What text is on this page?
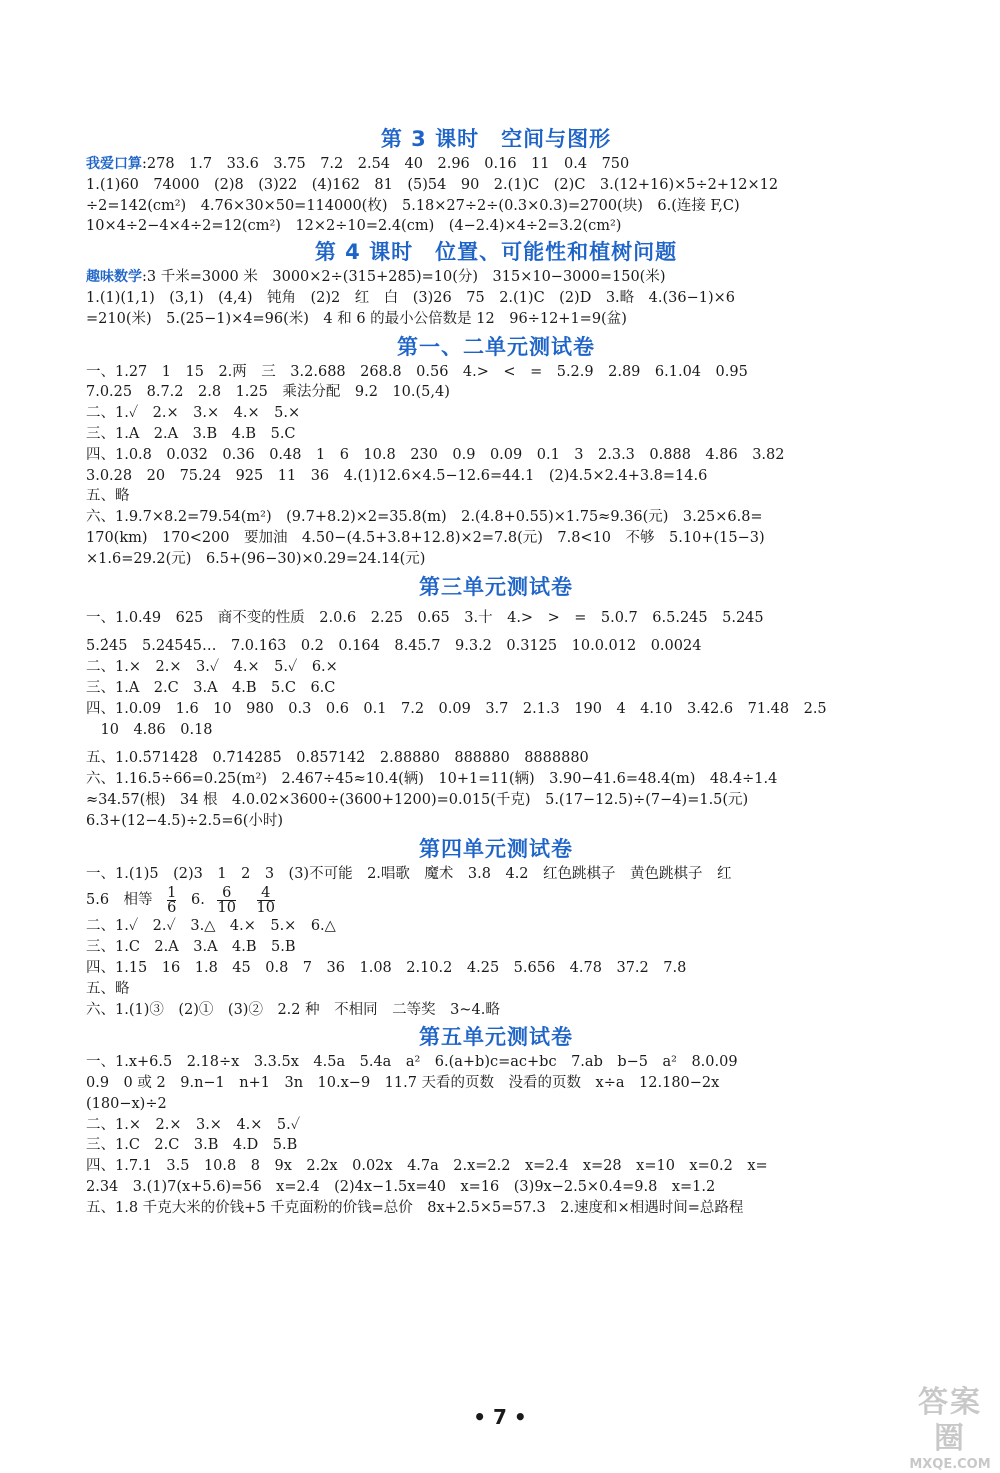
第 3 课时　空间与图形
我爱口算:278　1.7　33.6　3.75　7.2　2.54　40　2.96　0.16　11　0.4　750
1.(1)60　74000　(2)8　(3)22　(4)162　81　(5)54　90　2.(1)C　(2)C　3.(12+16)×5÷2+12×12
÷2=142(cm²)　4.76×30×50=114000(枚)　5.18×27÷2÷(0.3×0.3)=2700(块)　6.(连接 F,C)
10×4÷2−4×4÷2=12(cm²)　12×2÷10=2.4(cm)　(4−2.4)×4÷2=3.2(cm²)
第 4 课时　位置、可能性和植树问题
趣味数学:3 千米=3000 米　3000×2÷(315+285)=10(分)　315×10−3000=150(米)
1.(1)(1,1)　(3,1)　(4,4)　钝角　(2)2　红　白　(3)26　75　2.(1)C　(2)D　3.略　4.(36−1)×6
=210(米)　5.(25−1)×4=96(米)　4 和 6 的最小公倍数是 12　96÷12+1=9(盆)
第一、二单元测试卷
一、1.27　1　15　2.两　三　3.2.688　268.8　0.56　4.>　<　=　5.2.9　2.89　6.1.04　0.95
7.0.25　8.7.2　2.8　1.25　乘法分配　9.2　10.(5,4)
二、1.✓　2.×　3.×　4.×　5.×
三、1.A　2.A　3.B　4.B　5.C
四、1.0.8　0.032　0.36　0.48　1　6　10.8　230　0.9　0.09　0.1　3　2.3.3　0.888　4.86　3.82
3.0.28　20　75.24　925　11　36　4.(1)12.6×4.5−12.6=44.1　(2)4.5×2.4+3.8=14.6
五、略
六、1.9.7×8.2=79.54(m²)　(9.7+8.2)×2=35.8(m)　2.(4.8+0.55)×1.75≈9.36(元)　3.25×6.8=
170(km)　170<200　要加油　4.50−(4.5+3.8+12.8)×2=7.8(元)　7.8<10　不够　5.10+(15−3)
×1.6=29.2(元)　6.5+(96−30)×0.29=24.14(元)
第三单元测试卷
一、1.0.49　625　商不变的性质　2.0.6　2.25　0.65　3.十　4.>　>　=　5.0.7　6.5.24̇5　5.245
5.2̇45　5.24545…　7.0.16̇3　0.2　0.164　8.45.7　9.3.2　0.3125　10.0.012　0.0024
二、1.×　2.×　3.✓　4.×　5.✓　6.×
三、1.A　2.C　3.A　4.B　5.C　6.C
四、1.0.09　1.6　10　980　0.3　0.6　0.1　7.2　0.09　3.7　2.1.3　190　4　4.10　3.42.6　71.48　2.5
　10　4.86　0.18
五、1.0.5̇71428̇　0.7̇14285̇　0.8̇57142̇　2.88880　888880　8888880
六、1.16.5÷66=0.25(m²)　2.467÷45≈10.4(辆)　10+1=11(辆)　3.90−41.6=48.4(m)　48.4÷1.4
≈34.57(根)　34 根　4.0.02×3600÷(3600+1200)=0.015(千克)　5.(17−12.5)÷(7−4)=1.5(元)
6.3+(12−4.5)÷2.5=6(小时)
第四单元测试卷
一、1.(1)5　(2)3　1　2　3　(3)不可能　2.唱歌　魔术　3.8　4.2　红色跳棋子　黄色跳棋子　红
5.6　相等 $\frac{1}{6} 6$. $\frac{6}{10}$
$\frac{4}{10}$
二、1.✓　2.✓　3.△　4.×　5.×　6.△
三、1.C　2.A　3.A　4.B　5.B
四、1.15　16　1.8　45　0.8　7　36　1.08　2.10.2　4.25　5.656　4.78　37.2　7.8
五、略
六、1.(1)③　(2)①　(3)②　2.2 种　不相同　二等奖　3~4.略
第五单元测试卷
一、1.x+6.5　2.18÷x　3.3.5x　4.5a　5.4a　a²　6.(a+b)c=ac+bc　7.ab　b−5　a²　8.0.09
0.9　0 或 2　9.n−1　n+1　3n　10.x−9　11.7 天看的页数　没看的页数　x÷a　12.180−2x
(180−x)÷2
二、1.×　2.×　3.×　4.×　5.✓
三、1.C　2.C　3.B　4.D　5.B
四、1.7.1　3.5　10.8　8　9x　2.2x　0.02x　4.7a　2.x=2.2　x=2.4　x=28　x=10　x=0.2　x=
2.34　3.(1)7(x+5.6)=56　x=2.4　(2)4x−1.5x=40　x=16　(3)9x−2.5×0.4=9.8　x=1.2
五、1.8 千克大米的价钱+5 千克面粉的价钱=总价　8x+2.5×5=57.3　2.速度和×相遇时间=总路程
• 7 •	答案圈
MXQE.COM
